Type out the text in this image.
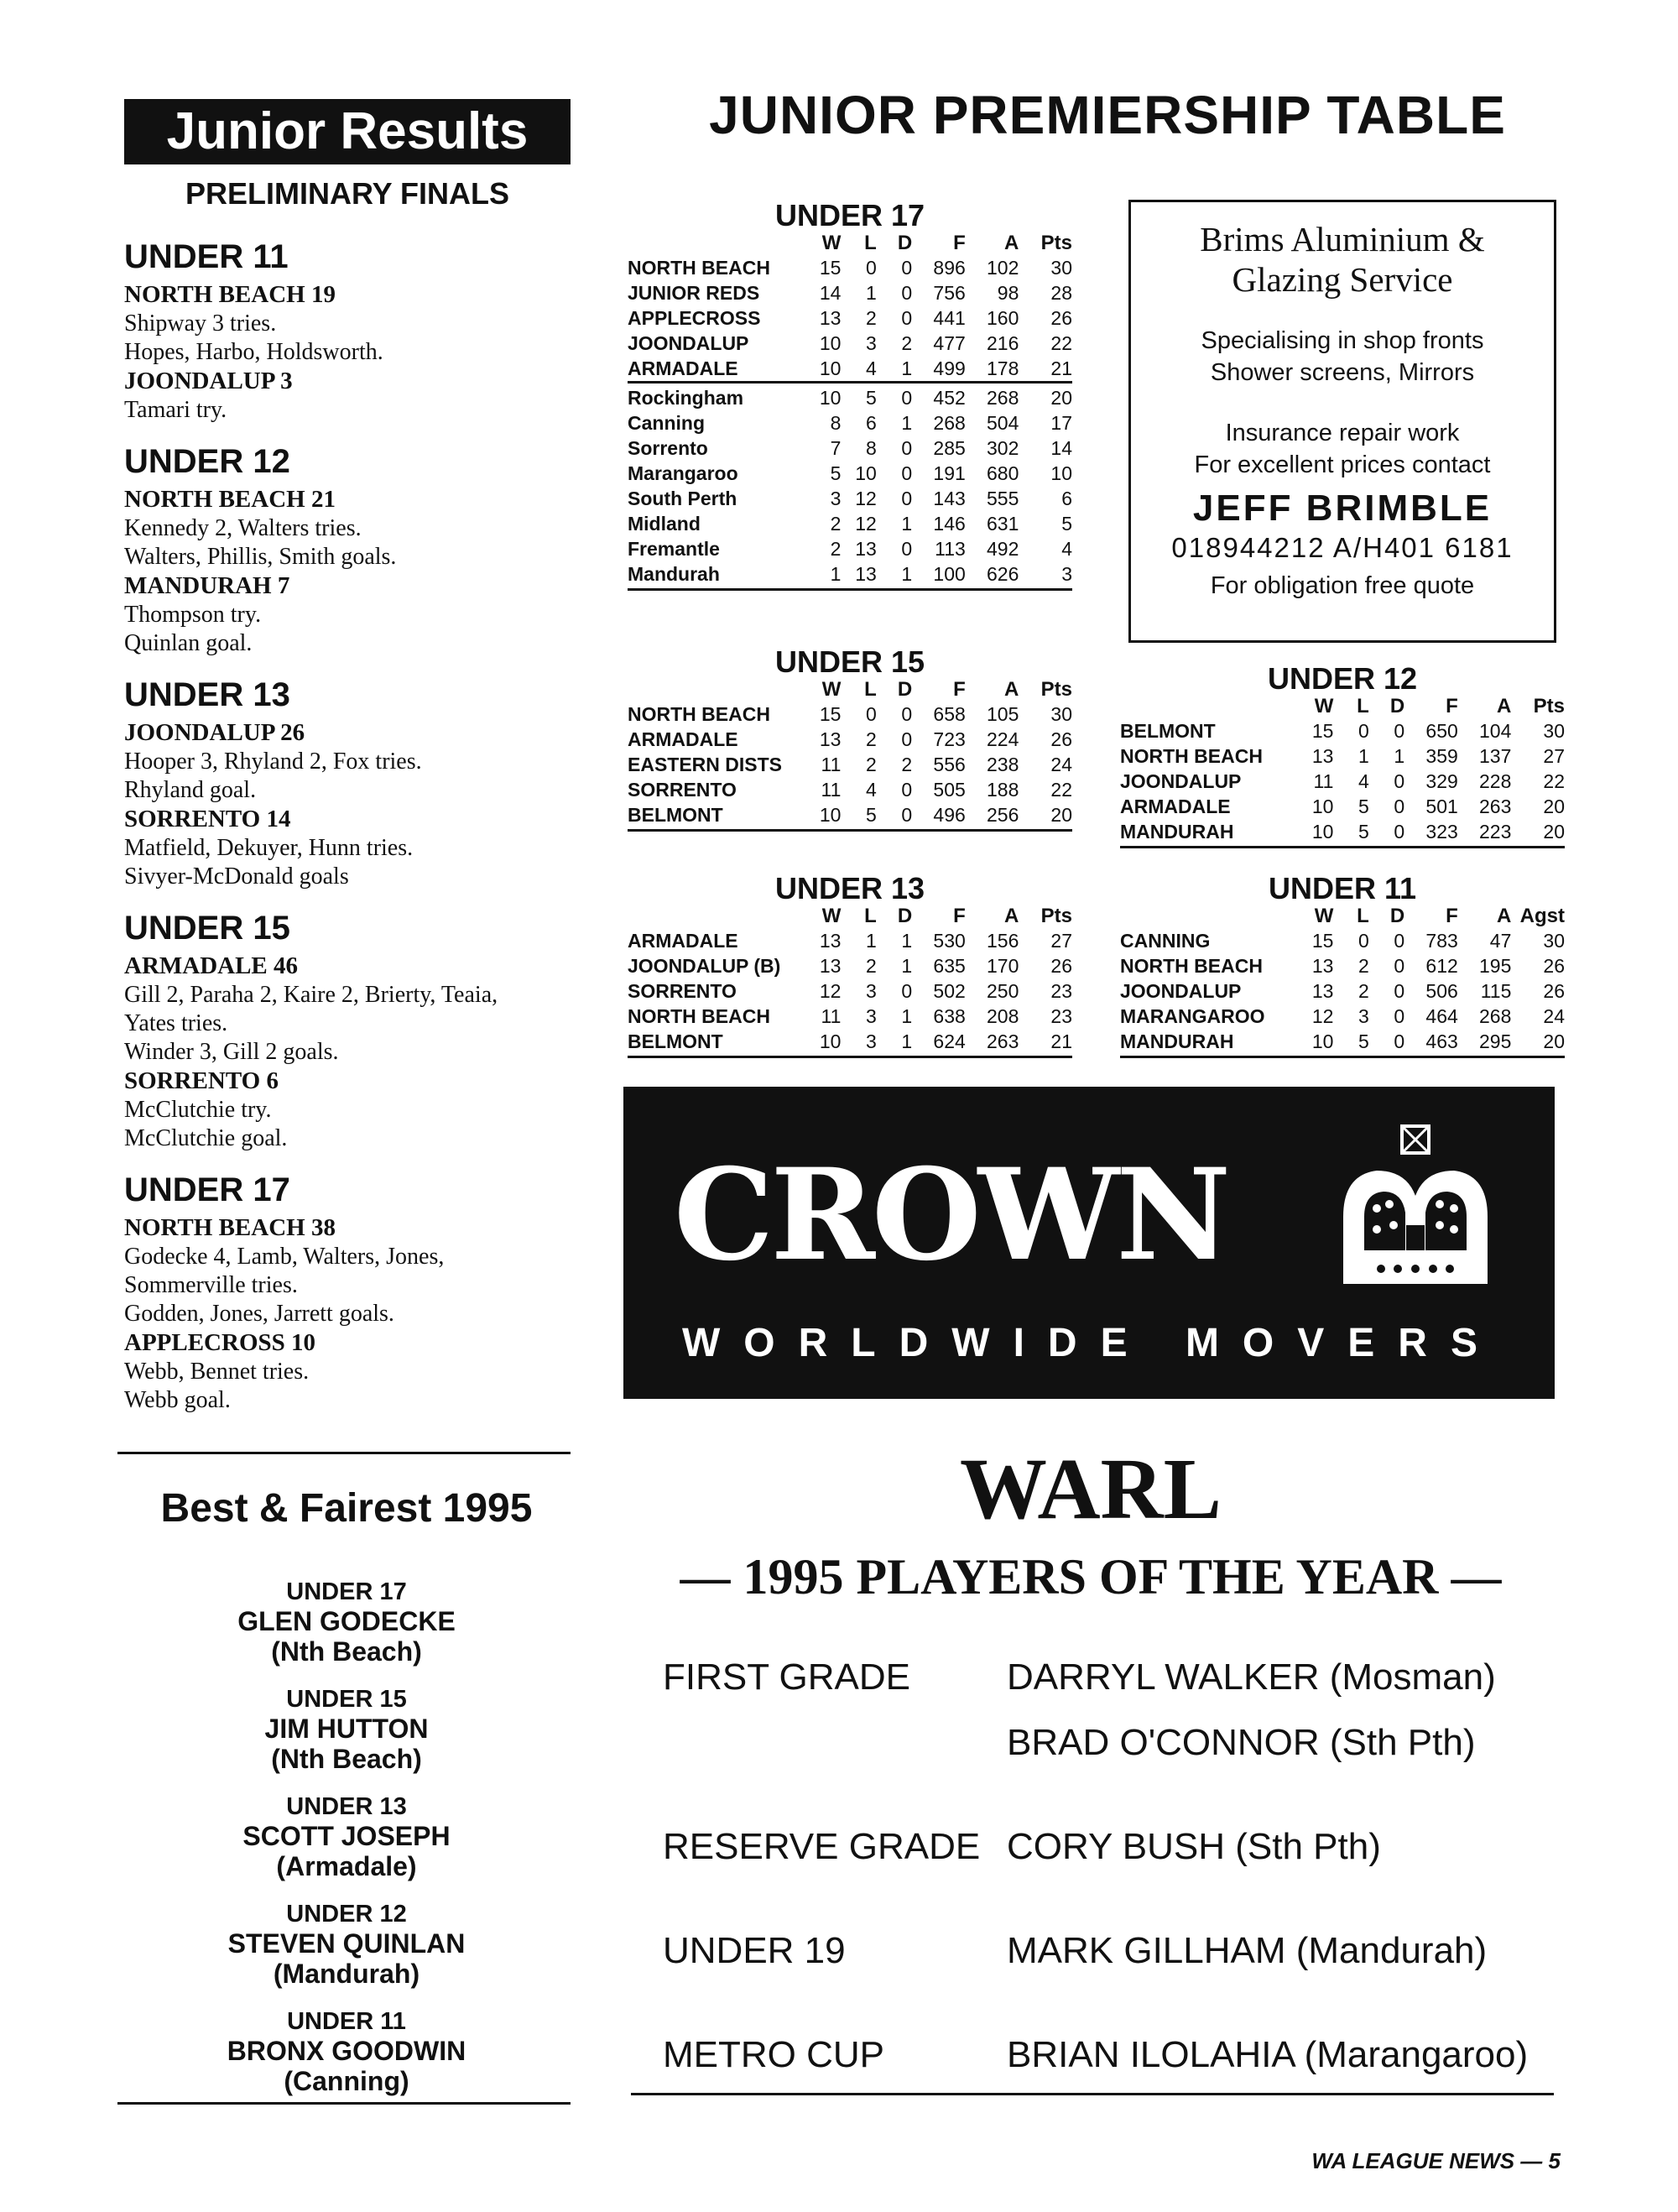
Junior Results
PRELIMINARY FINALS
UNDER 11
NORTH BEACH 19
Shipway 3 tries.
Hopes, Harbo, Holdsworth.
JOONDALUP 3
Tamari try.
UNDER 12
NORTH BEACH 21
Kennedy 2, Walters tries.
Walters, Phillis, Smith goals.
MANDURAH 7
Thompson try.
Quinlan goal.
UNDER 13
JOONDALUP 26
Hooper 3, Rhyland 2, Fox tries.
Rhyland goal.
SORRENTO 14
Matfield, Dekuyer, Hunn tries.
Sivyer-McDonald goals
UNDER 15
ARMADALE 46
Gill 2, Paraha 2, Kaire 2, Brierty, Teaia,
Yates tries.
Winder 3, Gill 2 goals.
SORRENTO 6
McClutchie try.
McClutchie goal.
UNDER 17
NORTH BEACH 38
Godecke 4, Lamb, Walters, Jones,
Sommerville tries.
Godden, Jones, Jarrett goals.
APPLECROSS 10
Webb, Bennet tries.
Webb goal.
Best & Fairest 1995
UNDER 17
GLEN GODECKE
(Nth Beach)
UNDER 15
JIM HUTTON
(Nth Beach)
UNDER 13
SCOTT JOSEPH
(Armadale)
UNDER 12
STEVEN QUINLAN
(Mandurah)
UNDER 11
BRONX GOODWIN
(Canning)
JUNIOR PREMIERSHIP TABLE
UNDER 17
	W	L	D	F	A	Pts
NORTH BEACH	15	0	0	896	102	30
JUNIOR REDS	14	1	0	756	98	28
APPLECROSS	13	2	0	441	160	26
JOONDALUP	10	3	2	477	216	22
ARMADALE	10	4	1	499	178	21
Rockingham	10	5	0	452	268	20
Canning	8	6	1	268	504	17
Sorrento	7	8	0	285	302	14
Marangaroo	5	10	0	191	680	10
South Perth	3	12	0	143	555	6
Midland	2	12	1	146	631	5
Fremantle	2	13	0	113	492	4
Mandurah	1	13	1	100	626	3
UNDER 15
	W	L	D	F	A	Pts
NORTH BEACH	15	0	0	658	105	30
ARMADALE	13	2	0	723	224	26
EASTERN DISTS	11	2	2	556	238	24
SORRENTO	11	4	0	505	188	22
BELMONT	10	5	0	496	256	20
UNDER 13
	W	L	D	F	A	Pts
ARMADALE	13	1	1	530	156	27
JOONDALUP (B)	13	2	1	635	170	26
SORRENTO	12	3	0	502	250	23
NORTH BEACH	11	3	1	638	208	23
BELMONT	10	3	1	624	263	21
UNDER 12
	W	L	D	F	A	Pts
BELMONT	15	0	0	650	104	30
NORTH BEACH	13	1	1	359	137	27
JOONDALUP	11	4	0	329	228	22
ARMADALE	10	5	0	501	263	20
MANDURAH	10	5	0	323	223	20
UNDER 11
	W	L	D	F	A	Agst
CANNING	15	0	0	783	47	30
NORTH BEACH	13	2	0	612	195	26
JOONDALUP	13	2	0	506	115	26
MARANGAROO	12	3	0	464	268	24
MANDURAH	10	5	0	463	295	20
Brims Aluminium &
Glazing Service
Specialising in shop fronts
Shower screens, Mirrors
Insurance repair work
For excellent prices contact
JEFF BRIMBLE
018944212 A/H401 6181
For obligation free quote
CROWN
WORLDWIDE MOVERS
WARL
— 1995 PLAYERS OF THE YEAR —
FIRST GRADE	DARRYL WALKER (Mosman)
BRAD O'CONNOR (Sth Pth)
RESERVE GRADE CORY BUSH (Sth Pth)
UNDER 19	MARK GILLHAM (Mandurah)
METRO CUP	BRIAN ILOLAHIA (Marangaroo)
WA LEAGUE NEWS — 5
